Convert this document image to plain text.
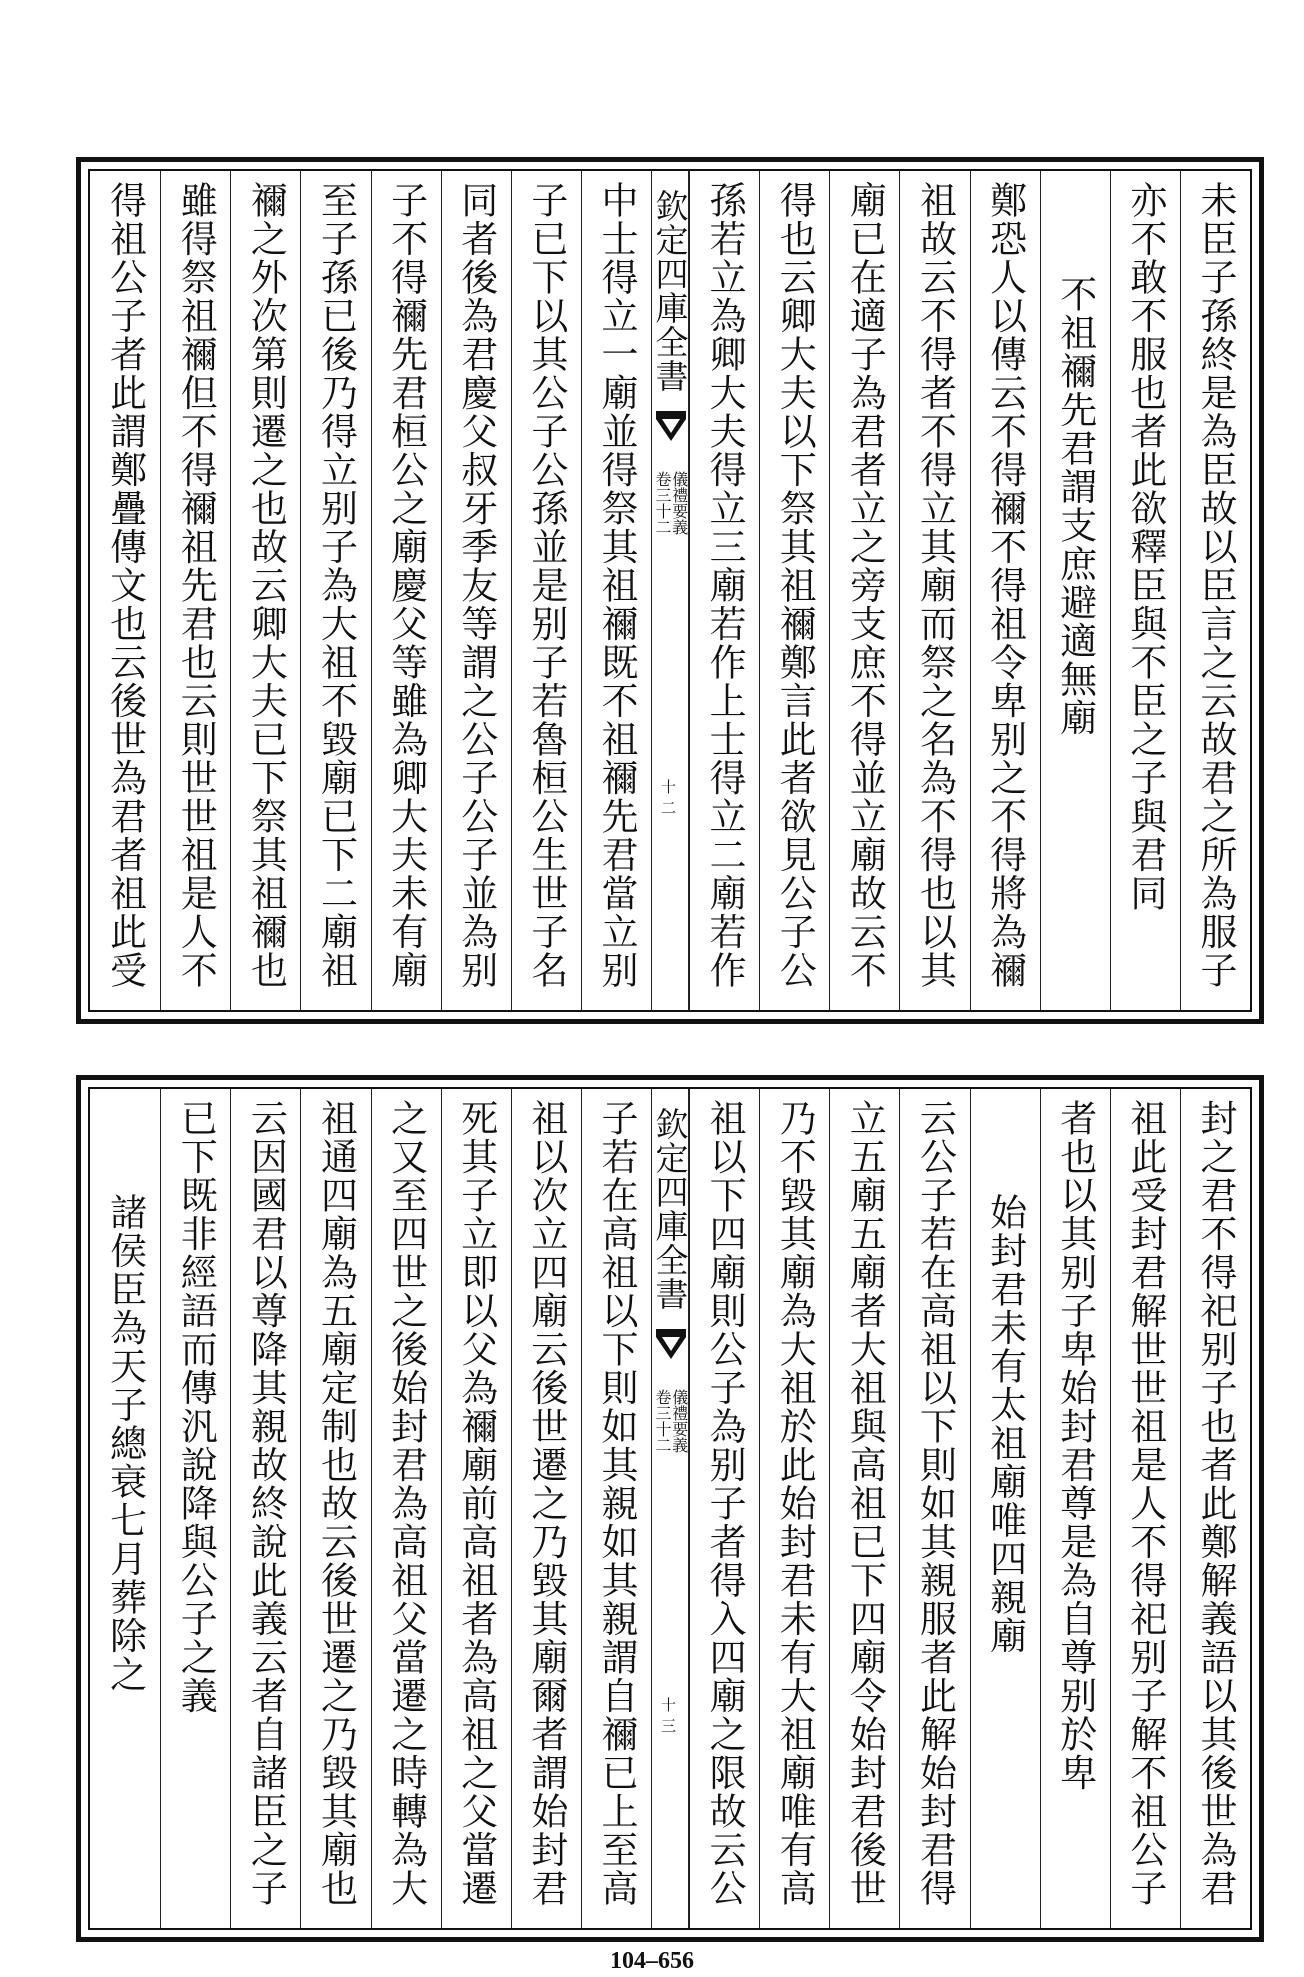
未臣子孫終是為臣故以臣言之云故君之所為服子
亦不敢不服也者此欲釋臣與不臣之子與君同
不祖禰先君謂支庶避適無廟
鄭恐人以傳云不得禰不得祖令卑别之不得將為禰
祖故云不得者不得立其廟而祭之名為不得也以其
廟已在適子為君者立之旁支庶不得並立廟故云不
得也云卿大夫以下祭其祖禰鄭言此者欲見公子公
孫若立為卿大夫得立三廟若作上士得立二廟若作
欽定四庫全書
儀禮要義
卷三十二
十二
中士得立一廟並得祭其祖禰既不祖禰先君當立别
子已下以其公子公孫並是别子若魯桓公生世子名
同者後為君慶父叔牙季友等謂之公子公子並為别
子不得禰先君桓公之廟慶父等雖為卿大夫未有廟
至子孫已後乃得立别子為大祖不毀廟已下二廟祖
禰之外次第則遷之也故云卿大夫已下祭其祖禰也
雖得祭祖禰但不得禰祖先君也云則世世祖是人不
得祖公子者此謂鄭疊傳文也云後世為君者祖此受
封之君不得祀别子也者此鄭解義語以其後世為君
祖此受封君解世世祖是人不得祀别子解不祖公子
者也以其别子卑始封君尊是為自尊别於卑
始封君未有太祖廟唯四親廟
云公子若在高祖以下則如其親服者此解始封君得
立五廟五廟者大祖與高祖已下四廟令始封君後世
乃不毀其廟為大祖於此始封君未有大祖廟唯有高
祖以下四廟則公子為别子者得入四廟之限故云公
欽定四庫全書
儀禮要義
卷三十二
十三
子若在高祖以下則如其親如其親謂自禰已上至高
祖以次立四廟云後世遷之乃毀其廟爾者謂始封君
死其子立即以父為禰廟前高祖者為高祖之父當遷
之又至四世之後始封君為高祖父當遷之時轉為大
祖通四廟為五廟定制也故云後世遷之乃毀其廟也
云因國君以尊降其親故終說此義云者自諸臣之子
已下既非經語而傳汎說降與公子之義
諸侯臣為天子總衰七月葬除之
104–656
